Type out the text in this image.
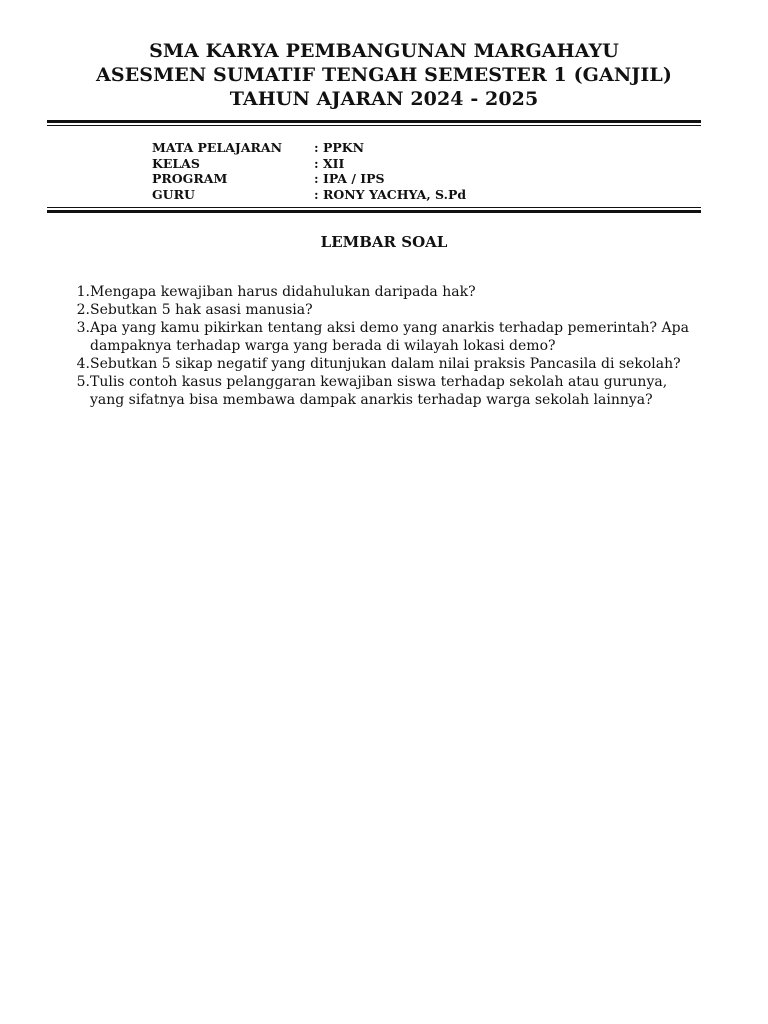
SMA KARYA PEMBANGUNAN MARGAHAYU
ASESMEN SUMATIF TENGAH SEMESTER 1 (GANJIL)
TAHUN AJARAN 2024 - 2025
MATA PELAJARAN	: PPKN
KELAS	: XII
PROGRAM	: IPA / IPS
GURU	: RONY YACHYA, S.Pd
LEMBAR SOAL
1. Mengapa kewajiban harus didahulukan daripada hak?
2. Sebutkan 5 hak asasi manusia?
3. Apa yang kamu pikirkan tentang aksi demo yang anarkis terhadap pemerintah? Apa
dampaknya terhadap warga yang berada di wilayah lokasi demo?
4. Sebutkan 5 sikap negatif yang ditunjukan dalam nilai praksis Pancasila di sekolah?
5. Tulis contoh kasus pelanggaran kewajiban siswa terhadap sekolah atau gurunya,
yang sifatnya bisa membawa dampak anarkis terhadap warga sekolah lainnya?
